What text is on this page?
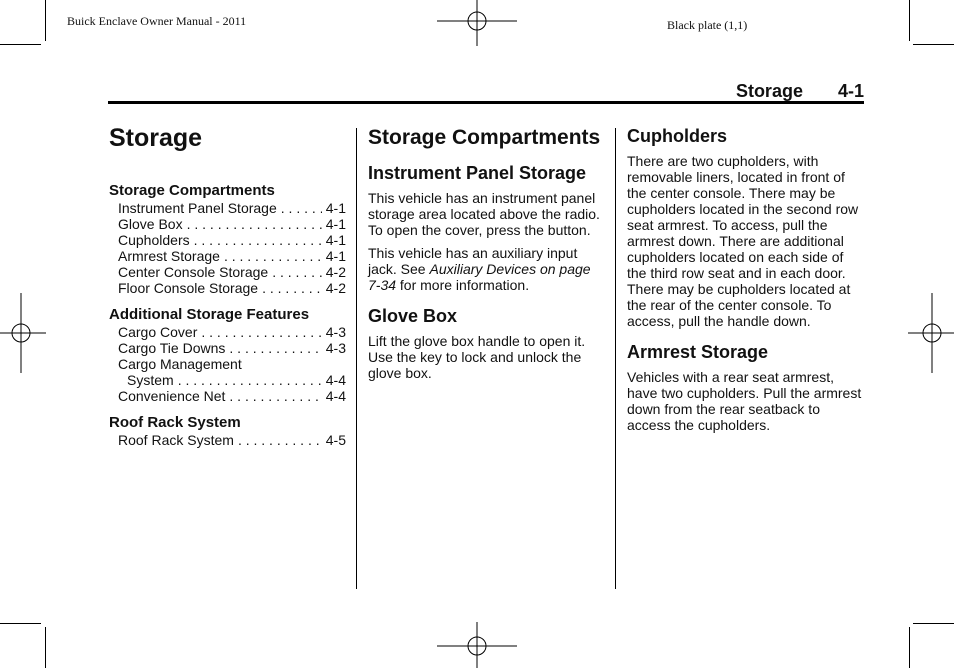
Buick Enclave Owner Manual - 2011	Black plate (1,1)
Storage 4-1
Storage
Storage Compartments
Instrument Panel Storage . . .	4-1
Glove Box . . .	4-1
Cupholders . . .	4-1
Armrest Storage . . .	4-1
Center Console Storage . . .	4-2
Floor Console Storage . . .	4-2
Additional Storage Features
Cargo Cover . . .	4-3
Cargo Tie Downs . . .	4-3
Cargo Management
System . . .	4-4
Convenience Net . . .	4-4
Roof Rack System
Roof Rack System . . .	4-5
Storage Compartments
Instrument Panel Storage

This vehicle has an instrument panel storage area located above the radio. To open the cover, press the button.

This vehicle has an auxiliary input jack. See Auxiliary Devices on page 7-34 for more information.

Glove Box

Lift the glove box handle to open it. Use the key to lock and unlock the glove box.

Cupholders

There are two cupholders, with removable liners, located in front of the center console. There may be cupholders located in the second row seat armrest. To access, pull the armrest down. There are additional cupholders located on each side of the third row seat and in each door. There may be cupholders located at the rear of the center console. To access, pull the handle down.

Armrest Storage

Vehicles with a rear seat armrest, have two cupholders. Pull the armrest down from the rear seatback to access the cupholders.
